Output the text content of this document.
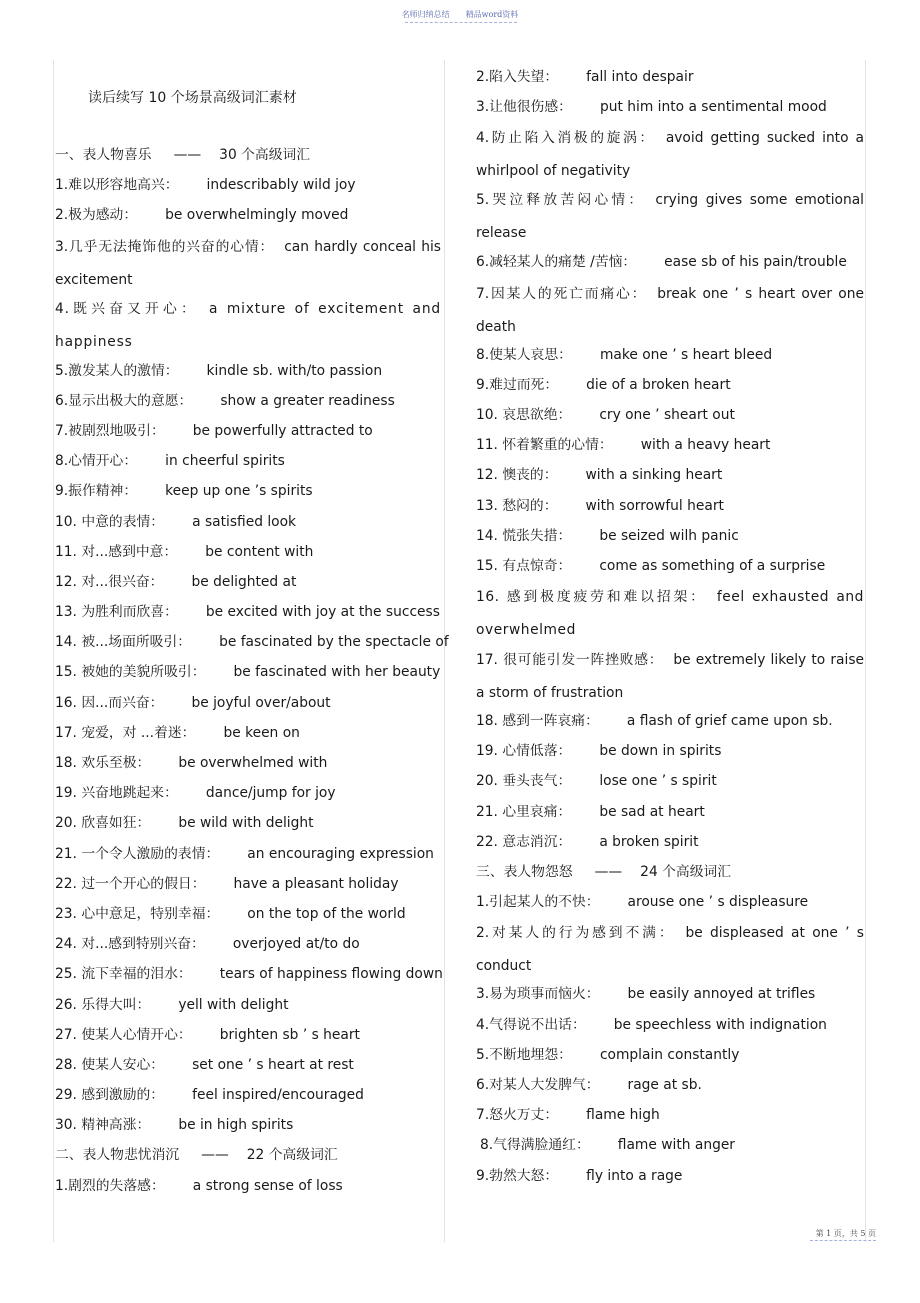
名师归纳总结 精品word资料
读后续写 10 个场景高级词汇素材
一、表人物喜乐 —— 30 个高级词汇
1.难以形容地高兴： indescribably wild joy
2.极为感动： be overwhelmingly moved

3.几乎无法掩饰他的兴奋的心情： can hardly conceal his excitement

4.既兴奋又开心： a mixture of excitement and happiness

5.激发某人的激情： kindle sb. with/to passion
6.显示出极大的意愿： show a greater readiness
7.被剧烈地吸引： be powerfully attracted to
8.心情开心： in cheerful spirits
9.振作精神： keep up one ’s spirits
10. 中意的表情： a satisfied look
11. 对...感到中意： be content with
12. 对...很兴奋： be delighted at
13. 为胜利而欣喜： be excited with joy at the success
14. 被...场面所吸引： be fascinated by the spectacle of
15. 被她的美貌所吸引： be fascinated with her beauty
16. 因...而兴奋： be joyful over/about
17. 宠爱，对 ...着迷： be keen on
18. 欢乐至极： be overwhelmed with
19. 兴奋地跳起来： dance/jump for joy
20. 欣喜如狂： be wild with delight
21. 一个令人激励的表情： an encouraging expression
22. 过一个开心的假日： have a pleasant holiday
23. 心中意足，特别幸福： on the top of the world
24. 对...感到特别兴奋： overjoyed at/to do
25. 流下幸福的泪水： tears of happiness flowing down
26. 乐得大叫： yell with delight
27. 使某人心情开心： brighten sb ’ s heart
28. 使某人安心： set one ’ s heart at rest
29. 感到激励的： feel inspired/encouraged
30. 精神高涨： be in high spirits
二、表人物悲忧消沉 —— 22 个高级词汇
1.剧烈的失落感： a strong sense of loss
2.陷入失望： fall into despair
3.让他很伤感： put him into a sentimental mood

4.防止陷入消极的旋涡： avoid getting sucked into a whirlpool of negativity

5.哭泣释放苦闷心情： crying gives some emotional release

6.减轻某人的痛楚 /苦恼： ease sb of his pain/trouble

7.因某人的死亡而痛心： break one ’ s heart over one death

8.使某人哀思： make one ’ s heart bleed
9.难过而死： die of a broken heart
10. 哀思欲绝： cry one ’ sheart out
11. 怀着繁重的心情： with a heavy heart
12. 懊丧的： with a sinking heart
13. 愁闷的： with sorrowful heart
14. 慌张失措： be seized wilh panic
15. 有点惊奇： come as something of a surprise

16. 感到极度疲劳和难以招架： feel exhausted and overwhelmed

17. 很可能引发一阵挫败感： be extremely likely to raise a storm of frustration

18. 感到一阵哀痛： a flash of grief came upon sb.
19. 心情低落： be down in spirits
20. 垂头丧气： lose one ’ s spirit
21. 心里哀痛： be sad at heart
22. 意志消沉： a broken spirit
三、表人物怨怒 —— 24 个高级词汇
1.引起某人的不快： arouse one ’ s displeasure

2.对某人的行为感到不满： be displeased at one ’ s conduct

3.易为琐事而恼火： be easily annoyed at trifles
4.气得说不出话： be speechless with indignation
5.不断地埋怨： complain constantly
6.对某人大发脾气： rage at sb.
7.怒火万丈： flame high
8.气得满脸通红： flame with anger
9.勃然大怒： fly into a rage
第 1 页，共 5 页
